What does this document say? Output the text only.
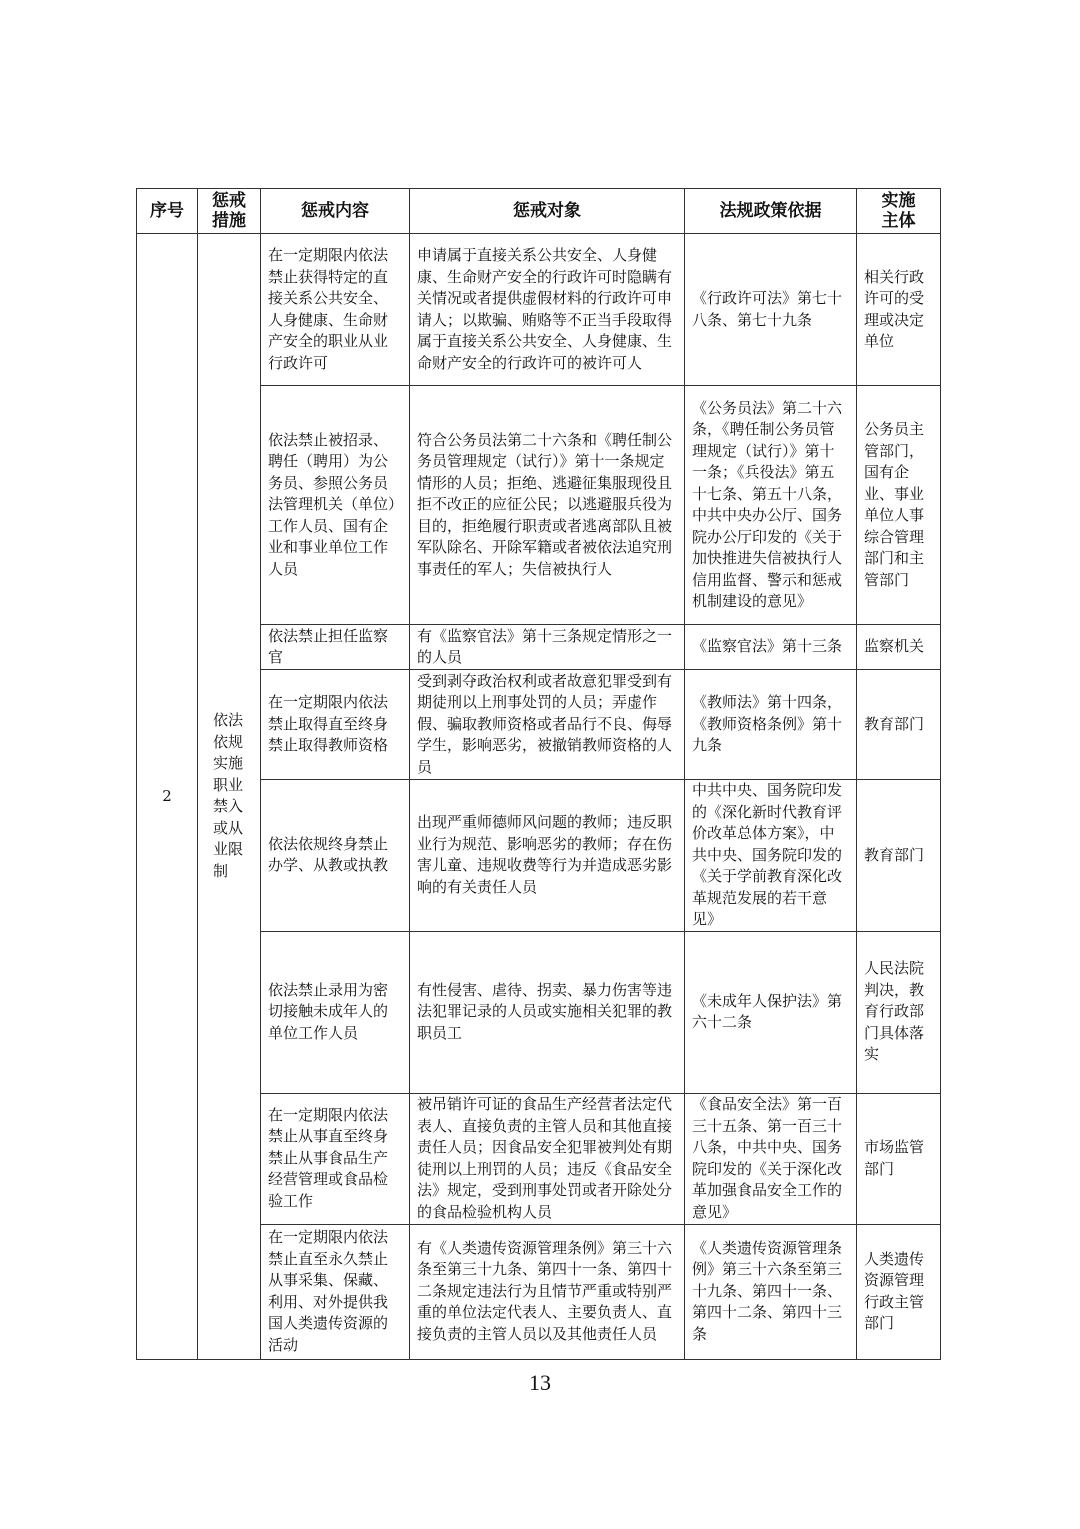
序号	惩戒措施	惩戒内容	惩戒对象	法规政策依据	实施主体
2	依法依规实施职业禁入或从业限制	在一定期限内依法禁止获得特定的直接关系公共安全、人身健康、生命财产安全的职业从业行政许可	申请属于直接关系公共安全、人身健康、生命财产安全的行政许可时隐瞒有关情况或者提供虚假材料的行政许可申请人；以欺骗、贿赂等不正当手段取得属于直接关系公共安全、人身健康、生命财产安全的行政许可的被许可人	《行政许可法》第七十八条、第七十九条	相关行政许可的受理或决定单位
		依法禁止被招录、聘任（聘用）为公务员、参照公务员法管理机关（单位）工作人员、国有企业和事业单位工作人员	符合公务员法第二十六条和《聘任制公务员管理规定（试行）》第十一条规定情形的人员；拒绝、逃避征集服现役且拒不改正的应征公民；以逃避服兵役为目的，拒绝履行职责或者逃离部队且被军队除名、开除军籍或者被依法追究刑事责任的军人；失信被执行人	《公务员法》第二十六条，《聘任制公务员管理规定（试行）》第十一条；《兵役法》第五十七条、第五十八条，中共中央办公厅、国务院办公厅印发的《关于加快推进失信被执行人信用监督、警示和惩戒机制建设的意见》	公务员主管部门，国有企业、事业单位人事综合管理部门和主管部门
		依法禁止担任监察官	有《监察官法》第十三条规定情形之一的人员	《监察官法》第十三条	监察机关
		在一定期限内依法禁止取得直至终身禁止取得教师资格	受到剥夺政治权利或者故意犯罪受到有期徒刑以上刑事处罚的人员；弄虚作假、骗取教师资格或者品行不良、侮辱学生，影响恶劣，被撤销教师资格的人员	《教师法》第十四条，《教师资格条例》第十九条	教育部门
		依法依规终身禁止办学、从教或执教	出现严重师德师风问题的教师；违反职业行为规范、影响恶劣的教师；存在伤害儿童、违规收费等行为并造成恶劣影响的有关责任人员	中共中央、国务院印发的《深化新时代教育评价改革总体方案》，中共中央、国务院印发的《关于学前教育深化改革规范发展的若干意见》	教育部门
		依法禁止录用为密切接触未成年人的单位工作人员	有性侵害、虐待、拐卖、暴力伤害等违法犯罪记录的人员或实施相关犯罪的教职员工	《未成年人保护法》第六十二条	人民法院判决，教育行政部门具体落实
		在一定期限内依法禁止从事直至终身禁止从事食品生产经营管理或食品检验工作	被吊销许可证的食品生产经营者法定代表人、直接负责的主管人员和其他直接责任人员；因食品安全犯罪被判处有期徒刑以上刑罚的人员；违反《食品安全法》规定，受到刑事处罚或者开除处分的食品检验机构人员	《食品安全法》第一百三十五条、第一百三十八条，中共中央、国务院印发的《关于深化改革加强食品安全工作的意见》	市场监管部门
		在一定期限内依法禁止直至永久禁止从事采集、保藏、利用、对外提供我国人类遗传资源的活动	有《人类遗传资源管理条例》第三十六条至第三十九条、第四十一条、第四十二条规定违法行为且情节严重或特别严重的单位法定代表人、主要负责人、直接负责的主管人员以及其他责任人员	《人类遗传资源管理条例》第三十六条至第三十九条、第四十一条、第四十二条、第四十三条	人类遗传资源管理行政主管部门
13
